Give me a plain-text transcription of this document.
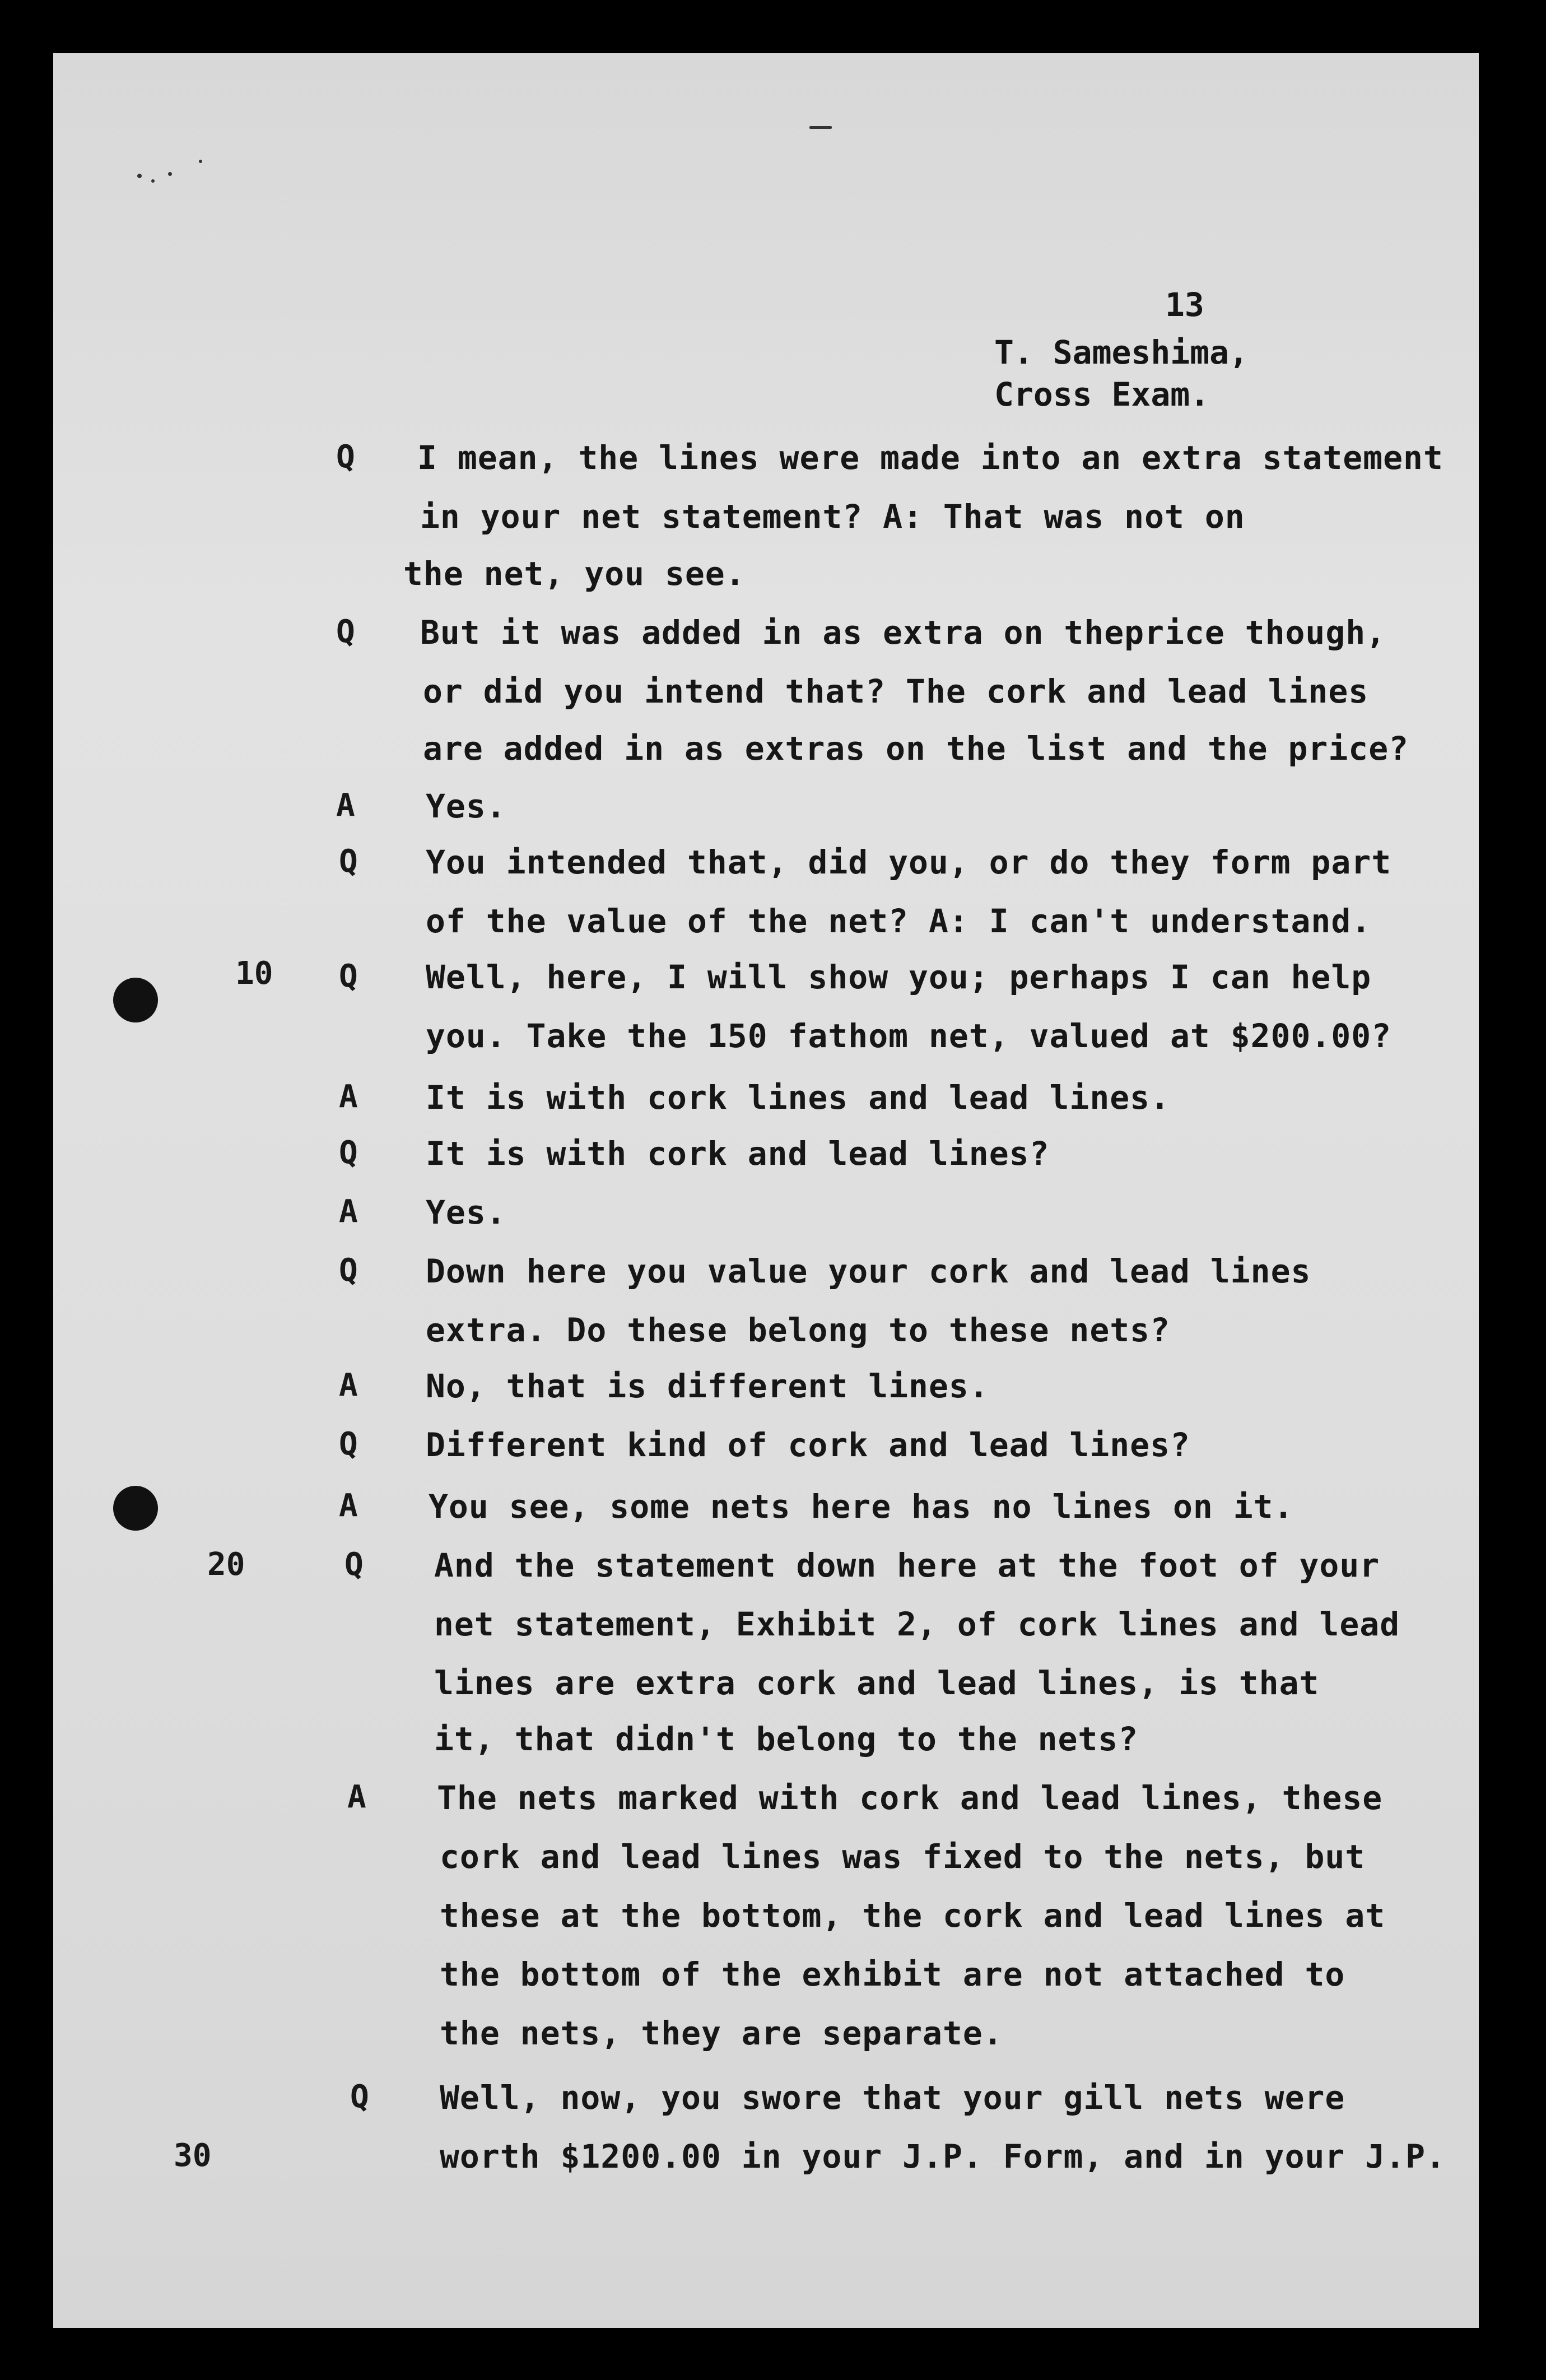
13
T. Sameshima,
Cross Exam.
10
20
30
Q
Q
A
Q
Q
A
Q
A
Q
A
Q
A
Q
A
Q
I mean, the lines were made into an extra statement
in your net statement? A: That was not on
the net, you see.
But it was added in as extra on theprice though,
or did you intend that? The cork and lead lines
are added in as extras on the list and the price?
Yes.
You intended that, did you, or do they form part
of the value of the net? A: I can't understand.
Well, here, I will show you; perhaps I can help
you. Take the 150 fathom net, valued at $200.00?
It is with cork lines and lead lines.
It is with cork and lead lines?
Yes.
Down here you value your cork and lead lines
extra. Do these belong to these nets?
No, that is different lines.
Different kind of cork and lead lines?
You see, some nets here has no lines on it.
And the statement down here at the foot of your
net statement, Exhibit 2, of cork lines and lead
lines are extra cork and lead lines, is that
it, that didn't belong to the nets?
The nets marked with cork and lead lines, these
cork and lead lines was fixed to the nets, but
these at the bottom, the cork and lead lines at
the bottom of the exhibit are not attached to
the nets, they are separate.
Well, now, you swore that your gill nets were
worth $1200.00 in your J.P. Form, and in your J.P.
